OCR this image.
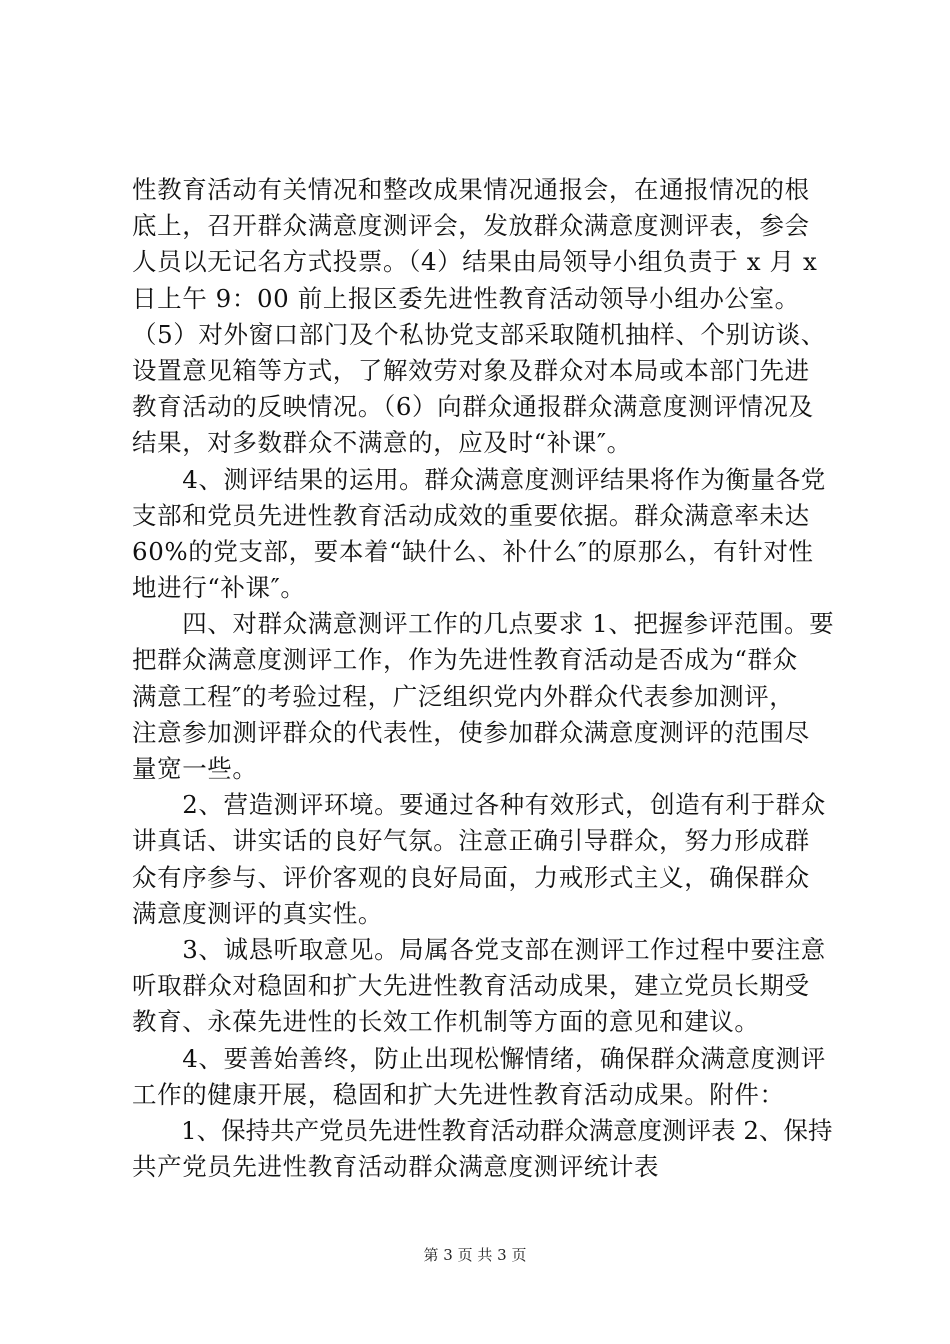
性教育活动有关情况和整改成果情况通报会，在通报情况的根
底上，召开群众满意度测评会，发放群众满意度测评表，参会
人员以无记名方式投票。（4）结果由局领导小组负责于 x 月 x
日上午 9：00 前上报区委先进性教育活动领导小组办公室。
（5）对外窗口部门及个私协党支部采取随机抽样、个别访谈、
设置意见箱等方式，了解效劳对象及群众对本局或本部门先进
教育活动的反映情况。（6）向群众通报群众满意度测评情况及
结果，对多数群众不满意的，应及时“补课″。
　　4、测评结果的运用。群众满意度测评结果将作为衡量各党
支部和党员先进性教育活动成效的重要依据。群众满意率未达
60%的党支部，要本着“缺什么、补什么″的原那么，有针对性
地进行“补课″。
　　四、对群众满意测评工作的几点要求 1、把握参评范围。要
把群众满意度测评工作，作为先进性教育活动是否成为“群众
满意工程″的考验过程，广泛组织党内外群众代表参加测评，
注意参加测评群众的代表性，使参加群众满意度测评的范围尽
量宽一些。
　　2、营造测评环境。要通过各种有效形式，创造有利于群众
讲真话、讲实话的良好气氛。注意正确引导群众，努力形成群
众有序参与、评价客观的良好局面，力戒形式主义，确保群众
满意度测评的真实性。
　　3、诚恳听取意见。局属各党支部在测评工作过程中要注意
听取群众对稳固和扩大先进性教育活动成果，建立党员长期受
教育、永葆先进性的长效工作机制等方面的意见和建议。
　　4、要善始善终，防止出现松懈情绪，确保群众满意度测评
工作的健康开展，稳固和扩大先进性教育活动成果。附件：
　　1、保持共产党员先进性教育活动群众满意度测评表 2、保持
共产党员先进性教育活动群众满意度测评统计表
第 3 页 共 3 页
